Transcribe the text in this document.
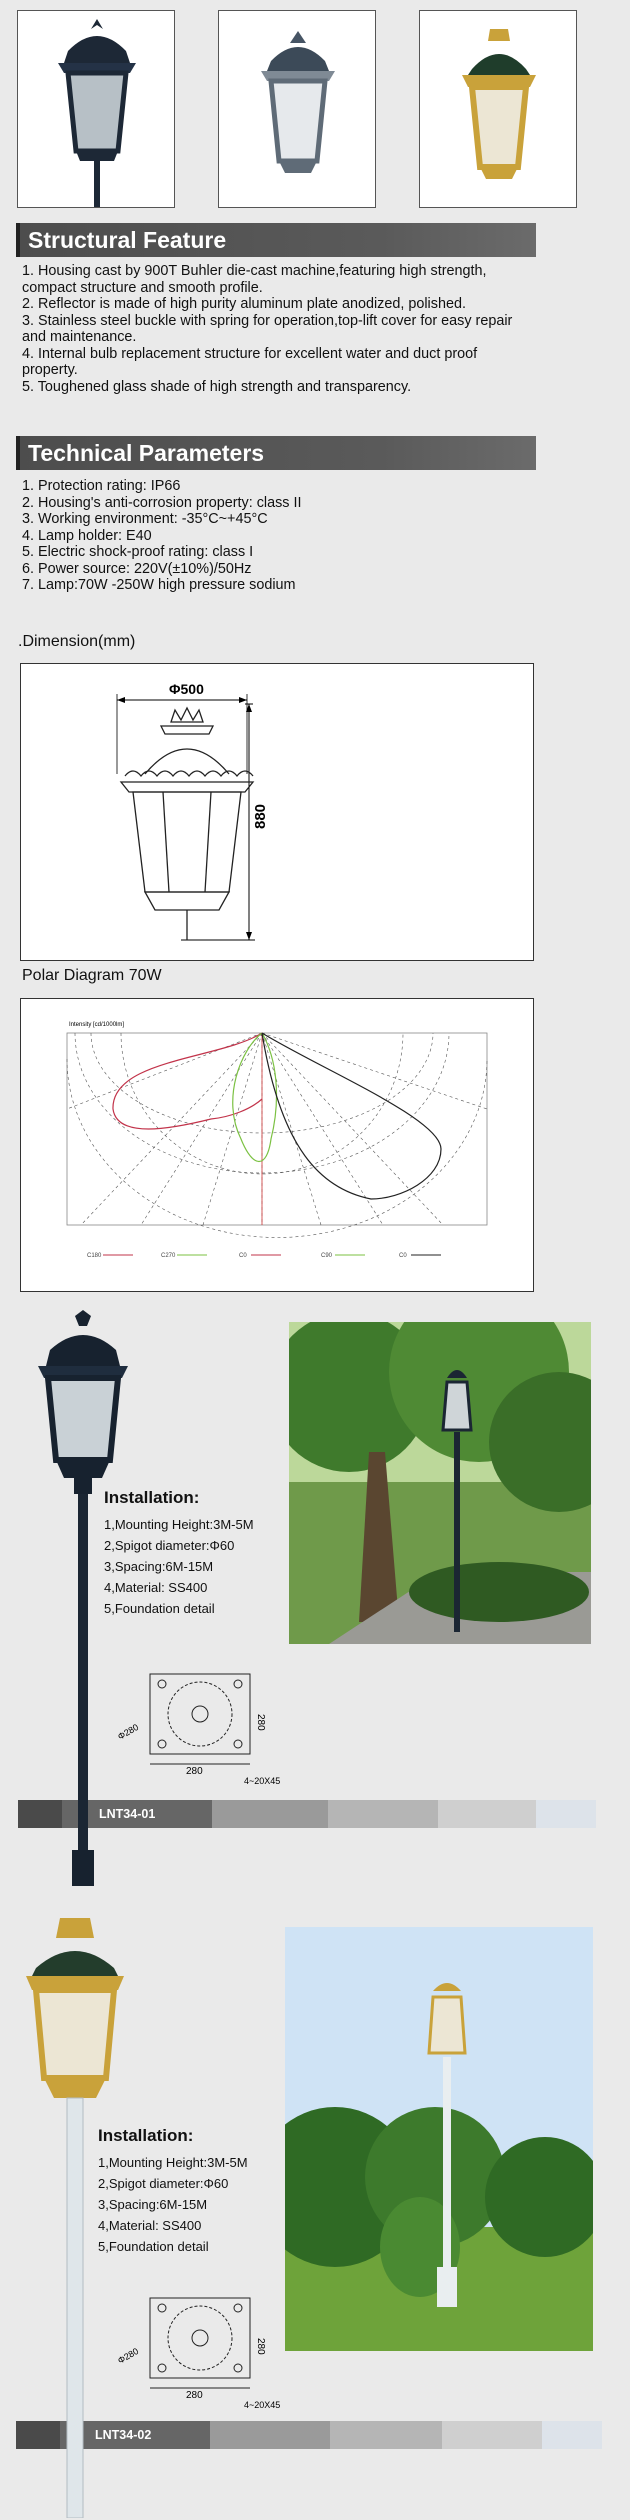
Structural Feature
1. Housing cast by 900T Buhler die-cast machine,featuring high strength, compact structure and smooth profile.
2. Reflector is made of high purity aluminum plate anodized, polished.
3. Stainless steel buckle with spring for operation,top-lift cover for easy repair and maintenance.
4. Internal bulb replacement structure for excellent water and duct proof property.
5. Toughened glass shade of high strength and transparency.
Technical Parameters
1. Protection rating: IP66
2. Housing's anti-corrosion property: class II
3. Working environment: -35°C~+45°C
4. Lamp holder: E40
5. Electric shock-proof rating: class I
6. Power source: 220V(±10%)/50Hz
7. Lamp:70W -250W high pressure sodium
.Dimension(mm)
Φ500
880
Polar Diagram 70W
Intensity [cd/1000lm]
C180	C270	C0	C90	C0
LNT34-01
Installation:
1,Mounting Height:3M-5M
2,Spigot diameter:Φ60
3,Spacing:6M-15M
4,Material: SS400
5,Foundation detail
280
4~20X45
280
Φ280
LNT34-02
Installation:
1,Mounting Height:3M-5M
2,Spigot diameter:Φ60
3,Spacing:6M-15M
4,Material: SS400
5,Foundation detail
280
4~20X45
280
Φ280
